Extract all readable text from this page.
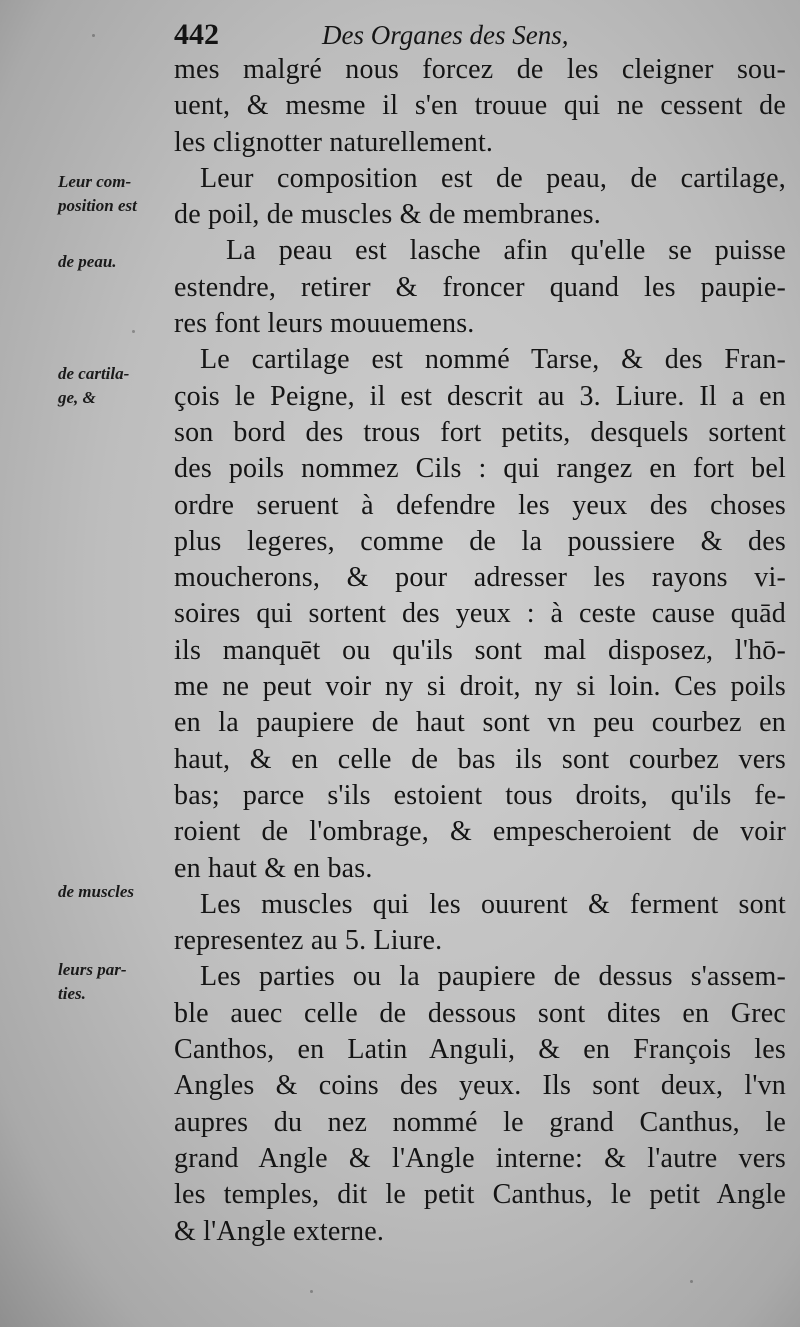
442	Des Organes des Sens,
Leur com-
position est
de peau.
de cartila-
ge, &
de muscles
leurs par-
ties.
mes malgré nous forcez de les cleigner sou-
uent, & mesme il s'en trouue qui ne cessent de
les clignotter naturellement.
Leur composition est de peau, de cartilage,
de poil, de muscles & de membranes.
La peau est lasche afin qu'elle se puisse
estendre, retirer & froncer quand les paupie-
res font leurs mouuemens.
Le cartilage est nommé Tarse, & des Fran-
çois le Peigne, il est descrit au 3. Liure. Il a en
son bord des trous fort petits, desquels sortent
des poils nommez Cils : qui rangez en fort bel
ordre seruent à defendre les yeux des choses
plus legeres, comme de la poussiere & des
moucherons, & pour adresser les rayons vi-
soires qui sortent des yeux : à ceste cause quād
ils manquēt ou qu'ils sont mal disposez, l'hō-
me ne peut voir ny si droit, ny si loin. Ces poils
en la paupiere de haut sont vn peu courbez en
haut, & en celle de bas ils sont courbez vers
bas; parce s'ils estoient tous droits, qu'ils fe-
roient de l'ombrage, & empescheroient de voir
en haut & en bas.
Les muscles qui les ouurent & ferment sont
representez au 5. Liure.
Les parties ou la paupiere de dessus s'assem-
ble auec celle de dessous sont dites en Grec
Canthos, en Latin Anguli, & en François les
Angles & coins des yeux. Ils sont deux, l'vn
aupres du nez nommé le grand Canthus, le
grand Angle & l'Angle interne: & l'autre vers
les temples, dit le petit Canthus, le petit Angle
& l'Angle externe.
